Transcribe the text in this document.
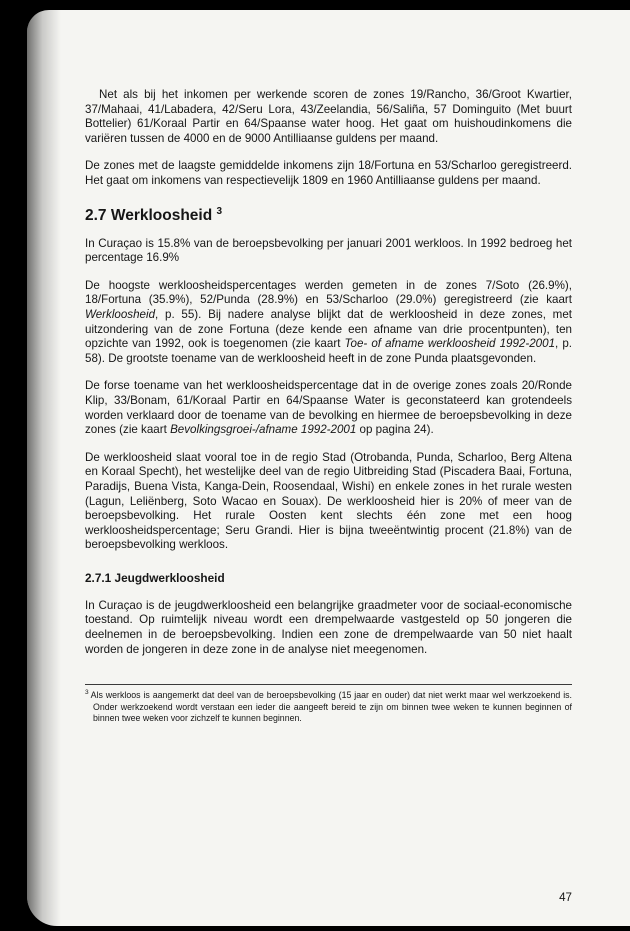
Net als bij het inkomen per werkende scoren de zones 19/Rancho, 36/Groot Kwartier, 37/Mahaai, 41/Labadera, 42/Seru Lora, 43/Zeelandia, 56/Saliña, 57 Dominguito (Met buurt Bottelier) 61/Koraal Partir en 64/Spaanse water hoog. Het gaat om huishoudinkomens die variëren tussen de 4000 en de 9000 Antilliaanse guldens per maand.

De zones met de laagste gemiddelde inkomens zijn 18/Fortuna en 53/Scharloo geregistreerd. Het gaat om inkomens van respectievelijk 1809 en 1960 Antilliaanse guldens per maand.

2.7 Werkloosheid $^3$

In Curaçao is 15.8% van de beroepsbevolking per januari 2001 werkloos. In 1992 bedroeg het percentage 16.9%

De hoogste werkloosheidspercentages werden gemeten in de zones 7/Soto (26.9%), 18/Fortuna (35.9%), 52/Punda (28.9%) en 53/Scharloo (29.0%) geregistreerd (zie kaart Werkloosheid, p. 55). Bij nadere analyse blijkt dat de werkloosheid in deze zones, met uitzondering van de zone Fortuna (deze kende een afname van drie procentpunten), ten opzichte van 1992, ook is toegenomen (zie kaart Toe- of afname werkloosheid 1992-2001, p. 58). De grootste toename van de werkloosheid heeft in de zone Punda plaatsgevonden.

De forse toename van het werkloosheidspercentage dat in de overige zones zoals 20/Ronde Klip, 33/Bonam, 61/Koraal Partir en 64/Spaanse Water is geconstateerd kan grotendeels worden verklaard door de toename van de bevolking en hiermee de beroepsbevolking in deze zones (zie kaart Bevolkingsgroei-/afname 1992-2001 op pagina 24).

De werkloosheid slaat vooral toe in de regio Stad (Otrobanda, Punda, Scharloo, Berg Altena en Koraal Specht), het westelijke deel van de regio Uitbreiding Stad (Piscadera Baai, Fortuna, Paradijs, Buena Vista, Kanga-Dein, Roosendaal, Wishi) en enkele zones in het rurale westen (Lagun, Leliënberg, Soto Wacao en Souax). De werkloosheid hier is 20% of meer van de beroepsbevolking. Het rurale Oosten kent slechts één zone met een hoog werkloosheidspercentage; Seru Grandi. Hier is bijna tweeëntwintig procent (21.8%) van de beroepsbevolking werkloos.

2.7.1 Jeugdwerkloosheid

In Curaçao is de jeugdwerkloosheid een belangrijke graadmeter voor de sociaal-economische toestand. Op ruimtelijk niveau wordt een drempelwaarde vastgesteld op 50 jongeren die deelnemen in de beroepsbevolking. Indien een zone de drempelwaarde van 50 niet haalt worden de jongeren in deze zone in de analyse niet meegenomen.

$^3$ Als werkloos is aangemerkt dat deel van de beroepsbevolking (15 jaar en ouder) dat niet werkt maar wel werkzoekend is. Onder werkzoekend wordt verstaan een ieder die aangeeft bereid te zijn om binnen twee weken te kunnen beginnen of binnen twee weken voor zichzelf te kunnen beginnen.

47
